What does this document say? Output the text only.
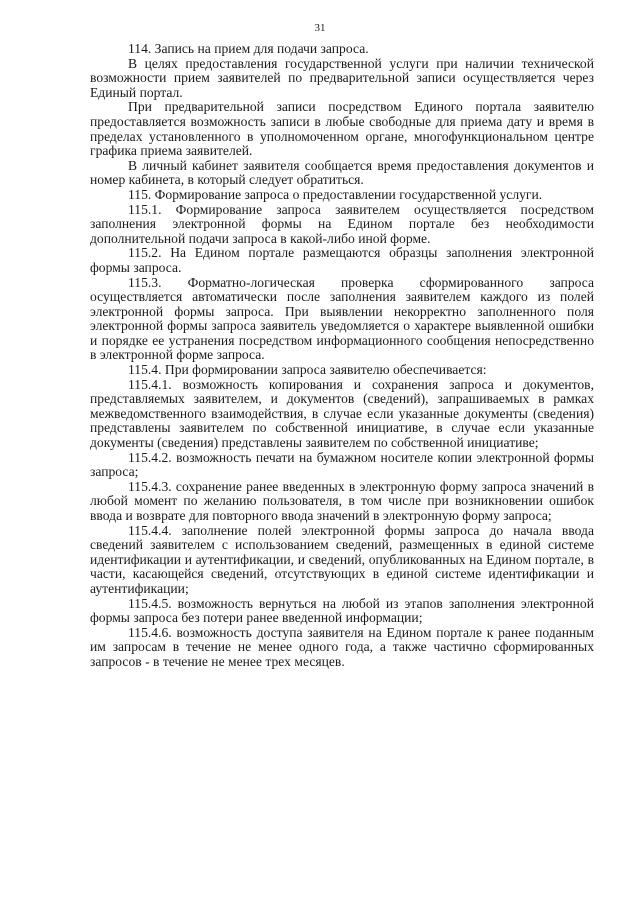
31

114. Запись на прием для подачи запроса.

В целях предоставления государственной услуги при наличии технической возможности прием заявителей по предварительной записи осуществляется через Единый портал.

При предварительной записи посредством Единого портала заявителю предоставляется возможность записи в любые свободные для приема дату и время в пределах установленного в уполномоченном органе, многофункциональном центре графика приема заявителей.

В личный кабинет заявителя сообщается время предоставления документов и номер кабинета, в который следует обратиться.

115. Формирование запроса о предоставлении государственной услуги.

115.1. Формирование запроса заявителем осуществляется посредством заполнения электронной формы на Едином портале без необходимости дополнительной подачи запроса в какой-либо иной форме.

115.2. На Едином портале размещаются образцы заполнения электронной формы запроса.

115.3. Форматно-логическая проверка сформированного запроса осуществляется автоматически после заполнения заявителем каждого из полей электронной формы запроса. При выявлении некорректно заполненного поля электронной формы запроса заявитель уведомляется о характере выявленной ошибки и порядке ее устранения посредством информационного сообщения непосредственно в электронной форме запроса.

115.4. При формировании запроса заявителю обеспечивается:

115.4.1. возможность копирования и сохранения запроса и документов, представляемых заявителем, и документов (сведений), запрашиваемых в рамках межведомственного взаимодействия, в случае если указанные документы (сведения) представлены заявителем по собственной инициативе, в случае если указанные документы (сведения) представлены заявителем по собственной инициативе;

115.4.2. возможность печати на бумажном носителе копии электронной формы запроса;

115.4.3. сохранение ранее введенных в электронную форму запроса значений в любой момент по желанию пользователя, в том числе при возникновении ошибок ввода и возврате для повторного ввода значений в электронную форму запроса;

115.4.4. заполнение полей электронной формы запроса до начала ввода сведений заявителем с использованием сведений, размещенных в единой системе идентификации и аутентификации, и сведений, опубликованных на Едином портале, в части, касающейся сведений, отсутствующих в единой системе идентификации и аутентификации;

115.4.5. возможность вернуться на любой из этапов заполнения электронной формы запроса без потери ранее введенной информации;

115.4.6. возможность доступа заявителя на Едином портале к ранее поданным им запросам в течение не менее одного года, а также частично сформированных запросов - в течение не менее трех месяцев.
